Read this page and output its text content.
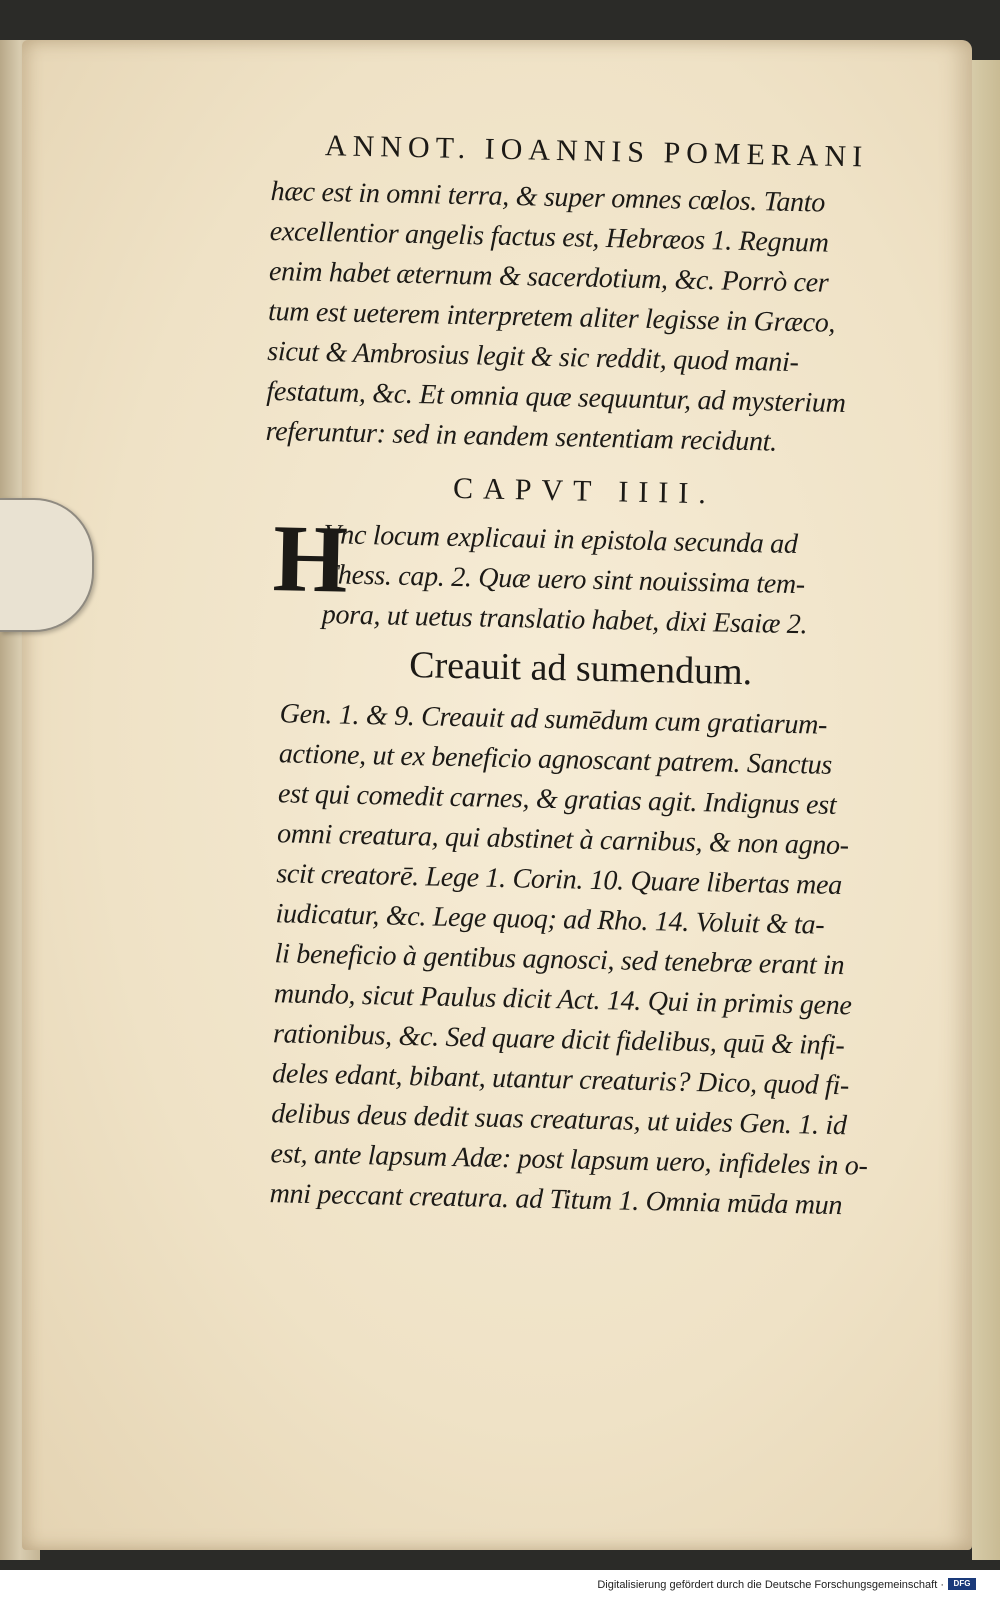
ANNOT. IOANNIS POMERANI
hæc est in omni terra, & super omnes cœlos. Tanto
excellentior angelis factus est, Hebræos 1. Regnum
enim habet æternum & sacerdotium, &c. Porrò cer
tum est ueterem interpretem aliter legisse in Græco,
sicut & Ambrosius legit & sic reddit, quod mani-
festatum, &c. Et omnia quæ sequuntur, ad mysterium
referuntur: sed in eandem sententiam recidunt.
CAPVT IIII.
H
Vnc locum explicaui in epistola secunda ad
Thess. cap. 2. Quæ uero sint nouissima tem-
pora, ut uetus translatio habet, dixi Esaiæ 2.
Creauit ad sumendum.
Gen. 1. & 9. Creauit ad sumēdum cum gratiarum-
actione, ut ex beneficio agnoscant patrem. Sanctus
est qui comedit carnes, & gratias agit. Indignus est
omni creatura, qui abstinet à carnibus, & non agno-
scit creatorē. Lege 1. Corin. 10. Quare libertas mea
iudicatur, &c. Lege quoq; ad Rho. 14. Voluit & ta-
li beneficio à gentibus agnosci, sed tenebræ erant in
mundo, sicut Paulus dicit Act. 14. Qui in primis gene
rationibus, &c. Sed quare dicit fidelibus, quū & infi-
deles edant, bibant, utantur creaturis? Dico, quod fi-
delibus deus dedit suas creaturas, ut uides Gen. 1. id
est, ante lapsum Adæ: post lapsum uero, infideles in o-
mni peccant creatura. ad Titum 1. Omnia mūda mun
Digitalisierung gefördert durch die Deutsche Forschungsgemeinschaft ·	DFG
